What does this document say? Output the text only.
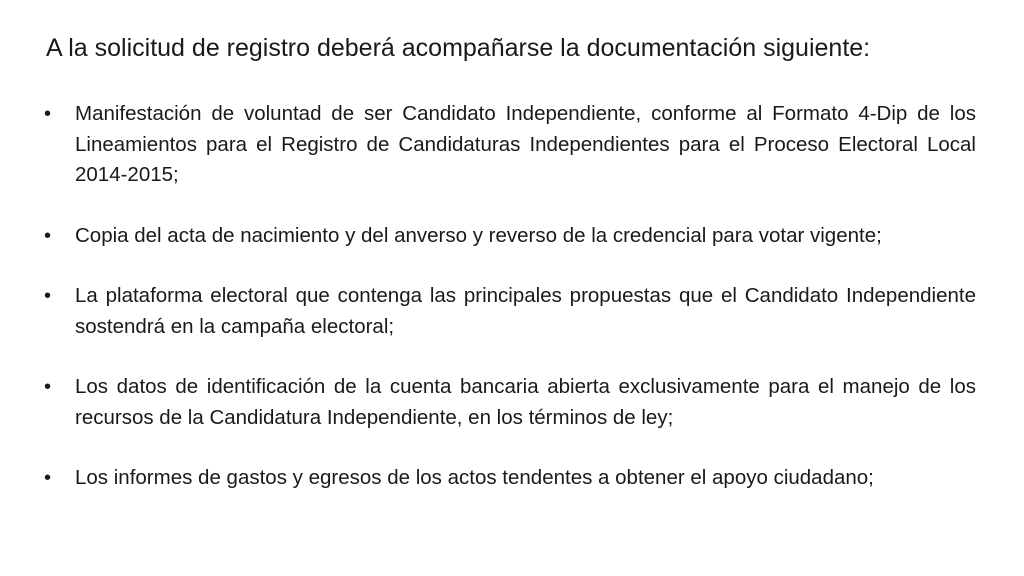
A la solicitud de registro deberá acompañarse la documentación siguiente:
• Manifestación de voluntad de ser Candidato Independiente, conforme al Formato 4-Dip de los Lineamientos para el Registro de Candidaturas Independientes para el Proceso Electoral Local 2014-2015;
• Copia del acta de nacimiento y del anverso y reverso de la credencial para votar vigente;
• La plataforma electoral que contenga las principales propuestas que el Candidato Independiente sostendrá en la campaña electoral;
• Los datos de identificación de la cuenta bancaria abierta exclusivamente para el manejo de los recursos de la Candidatura Independiente, en los términos de ley;
• Los informes de gastos y egresos de los actos tendentes a obtener el apoyo ciudadano;
